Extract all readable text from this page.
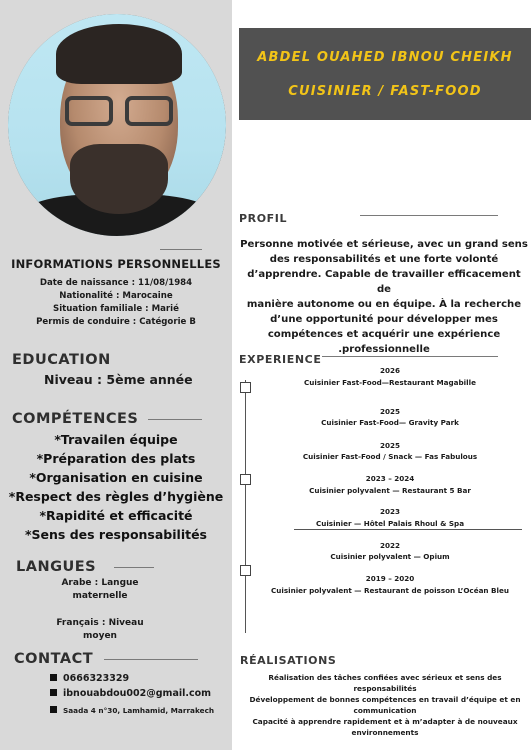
INFORMATIONS PERSONNELLES
Date de naissance : 11/08/1984
Nationalité : Marocaine
Situation familiale : Marié
Permis de conduire : Catégorie B
EDUCATION
Niveau : 5ème année
COMPÉTENCES
*Travailen équipe
*Préparation des plats
*Organisation en cuisine
*Respect des règles d’hygiène
*Rapidité et efficacité
*Sens des responsabilités
LANGUES
Arabe : Langue
maternelle
Français : Niveau
moyen
CONTACT
0666323329
ibnouabdou002@gmail.com
Saada 4 n°30, Lamhamid, Marrakech
ABDEL OUAHED IBNOU CHEIKH
CUISINIER / FAST-FOOD
PROFIL
Personne motivée et sérieuse, avec un grand sens
des responsabilités et une forte volonté
d’apprendre. Capable de travailler efficacement de
manière autonome ou en équipe. À la recherche
d’une opportunité pour développer mes
compétences et acquérir une expérience
.professionnelle
EXPERIENCE
2026
Cuisinier Fast-Food—Restaurant Magabille
2025
Cuisinier Fast-Food— Gravity Park
2025
Cuisinier Fast-Food / Snack — Fas Fabulous
2023 – 2024
Cuisinier polyvalent — Restaurant 5 Bar
2023
Cuisinier — Hôtel Palais Rhoul & Spa
2022
Cuisinier polyvalent — Opium
2019 – 2020
Cuisinier polyvalent — Restaurant de poisson L’Océan Bleu
RÉALISATIONS
Réalisation des tâches confiées avec sérieux et sens des
responsabilités
Développement de bonnes compétences en travail d’équipe et en
communication
Capacité à apprendre rapidement et à m’adapter à de nouveaux
environnements
